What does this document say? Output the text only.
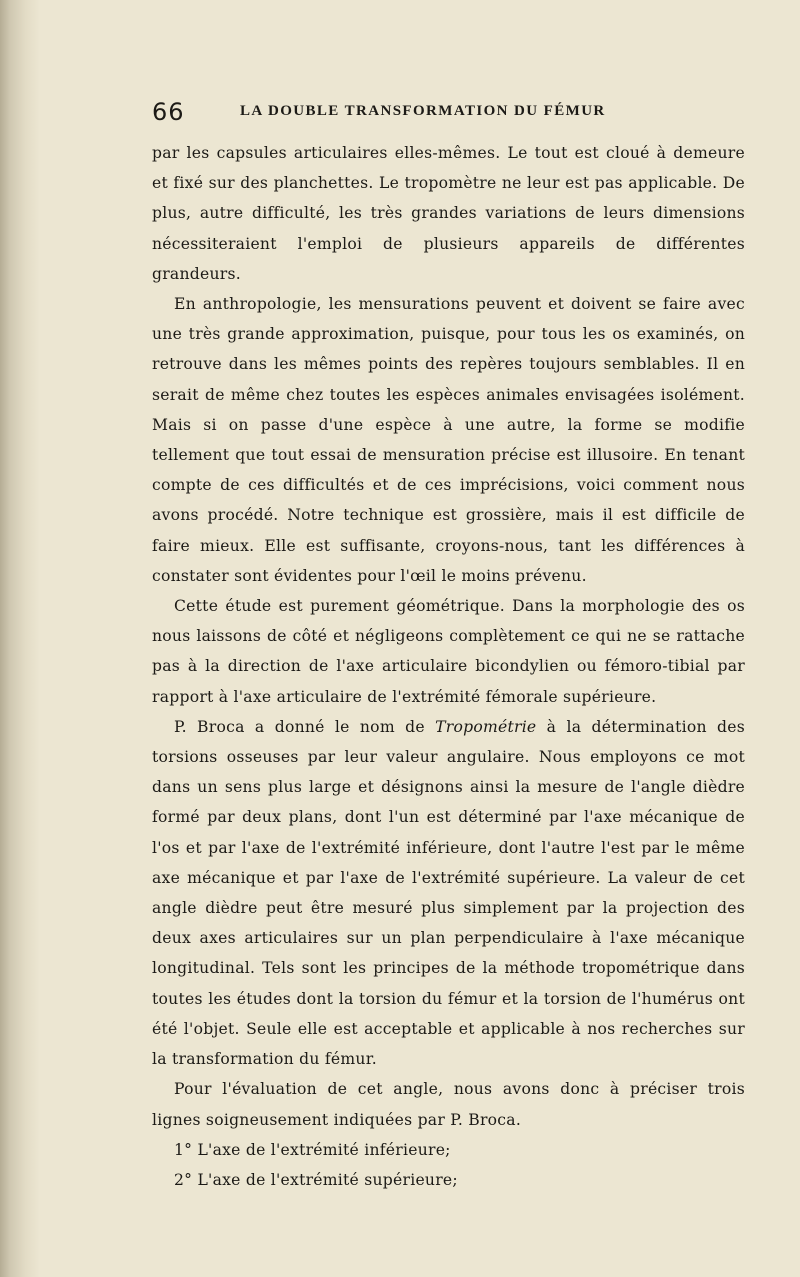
66	LA DOUBLE TRANSFORMATION DU FÉMUR

par les capsules articulaires elles-mêmes. Le tout est cloué à demeure et fixé sur des planchettes. Le tropomètre ne leur est pas applicable. De plus, autre difficulté, les très grandes variations de leurs dimensions nécessiteraient l'emploi de plusieurs appareils de différentes grandeurs.

En anthropologie, les mensurations peuvent et doivent se faire avec une très grande approximation, puisque, pour tous les os examinés, on retrouve dans les mêmes points des repères toujours semblables. Il en serait de même chez toutes les espèces animales envisagées isolément. Mais si on passe d'une espèce à une autre, la forme se modifie tellement que tout essai de mensuration précise est illusoire. En tenant compte de ces difficultés et de ces imprécisions, voici comment nous avons procédé. Notre technique est grossière, mais il est difficile de faire mieux. Elle est suffisante, croyons-nous, tant les différences à constater sont évidentes pour l'œil le moins prévenu.

Cette étude est purement géométrique. Dans la morphologie des os nous laissons de côté et négligeons complètement ce qui ne se rattache pas à la direction de l'axe articulaire bicondylien ou fémoro-tibial par rapport à l'axe articulaire de l'extrémité fémorale supérieure.

P. Broca a donné le nom de Tropométrie à la détermination des torsions osseuses par leur valeur angulaire. Nous employons ce mot dans un sens plus large et désignons ainsi la mesure de l'angle dièdre formé par deux plans, dont l'un est déterminé par l'axe mécanique de l'os et par l'axe de l'extrémité inférieure, dont l'autre l'est par le même axe mécanique et par l'axe de l'extrémité supérieure. La valeur de cet angle dièdre peut être mesuré plus simplement par la projection des deux axes articulaires sur un plan perpendiculaire à l'axe mécanique longitudinal. Tels sont les principes de la méthode tropométrique dans toutes les études dont la torsion du fémur et la torsion de l'humérus ont été l'objet. Seule elle est acceptable et applicable à nos recherches sur la transformation du fémur.

Pour l'évaluation de cet angle, nous avons donc à préciser trois lignes soigneusement indiquées par P. Broca.

1° L'axe de l'extrémité inférieure;

2° L'axe de l'extrémité supérieure;
